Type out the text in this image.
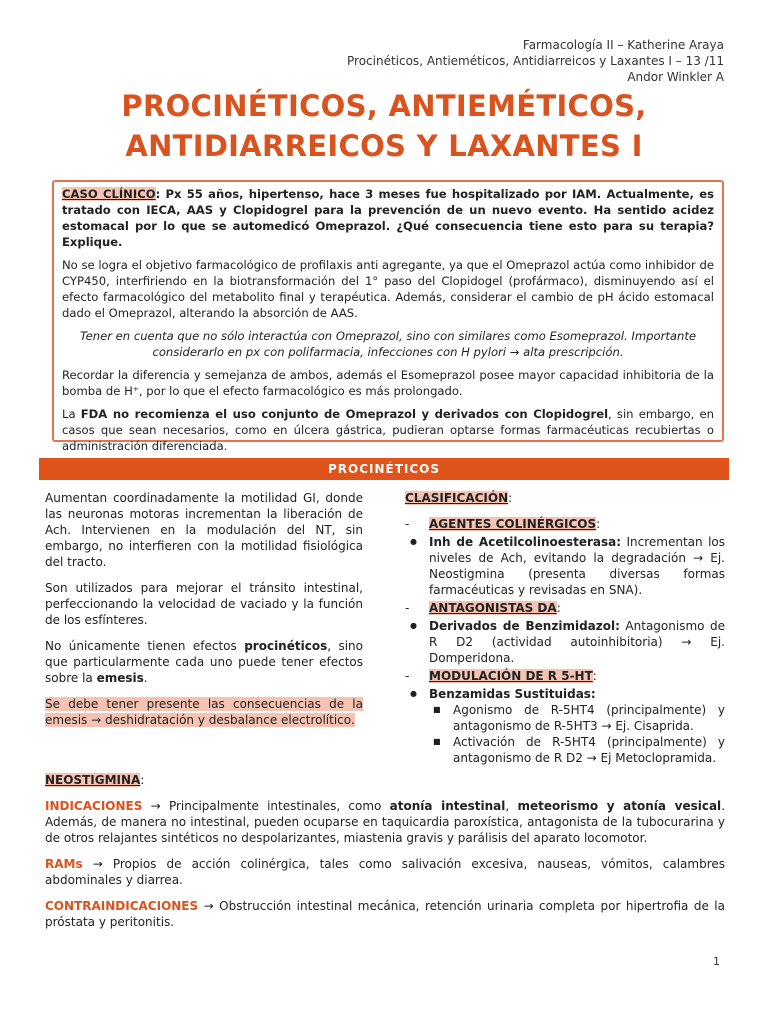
Farmacología II – Katherine Araya
Procinéticos, Antieméticos, Antidiarreicos y Laxantes I – 13 /11
Andor Winkler A
PROCINÉTICOS, ANTIEMÉTICOS,
ANTIDIARREICOS Y LAXANTES I

CASO CLÍNICO: Px 55 años, hipertenso, hace 3 meses fue hospitalizado por IAM. Actualmente, es tratado con IECA, AAS y Clopidogrel para la prevención de un nuevo evento. Ha sentido acidez estomacal por lo que se automedicó Omeprazol. ¿Qué consecuencia tiene esto para su terapia? Explique.

No se logra el objetivo farmacológico de profilaxis anti agregante, ya que el Omeprazol actúa como inhibidor de CYP450, interfiriendo en la biotransformación del 1° paso del Clopidogel (profármaco), disminuyendo así el efecto farmacológico del metabolito final y terapéutica. Además, considerar el cambio de pH ácido estomacal dado el Omeprazol, alterando la absorción de AAS.

Tener en cuenta que no sólo interactúa con Omeprazol, sino con similares como Esomeprazol. Importante considerarlo en px con polifarmacia, infecciones con H pylori → alta prescripción.

Recordar la diferencia y semejanza de ambos, además el Esomeprazol posee mayor capacidad inhibitoria de la bomba de H⁺, por lo que el efecto farmacológico es más prolongado.

La FDA no recomienza el uso conjunto de Omeprazol y derivados con Clopidogrel, sin embargo, en casos que sean necesarios, como en úlcera gástrica, pudieran optarse formas farmacéuticas recubiertas o administración diferenciada.

PROCINÉTICOS

Aumentan coordinadamente la motilidad GI, donde las neuronas motoras incrementan la liberación de Ach. Intervienen en la modulación del NT, sin embargo, no interfieren con la motilidad fisiológica del tracto.

Son utilizados para mejorar el tránsito intestinal, perfeccionando la velocidad de vaciado y la función de los esfínteres.

No únicamente tienen efectos procinéticos, sino que particularmente cada uno puede tener efectos sobre la emesis.

Se debe tener presente las consecuencias de la emesis → deshidratación y desbalance electrolítico.

CLASIFICACIÓN:
- AGENTES COLINÉRGICOS:
● Inh de Acetilcolinoesterasa: Incrementan los niveles de Ach, evitando la degradación → Ej. Neostigmina (presenta diversas formas farmacéuticas y revisadas en SNA).
- ANTAGONISTAS DA:
● Derivados de Benzimidazol: Antagonismo de R D2 (actividad autoinhibitoria) → Ej. Domperidona.
- MODULACIÓN DE R 5-HT:
● Benzamidas Sustituidas:
■ Agonismo de R-5HT4 (principalmente) y antagonismo de R-5HT3 → Ej. Cisaprida.
■ Activación de R-5HT4 (principalmente) y antagonismo de R D2 → Ej Metoclopramida.

NEOSTIGMINA:

INDICACIONES → Principalmente intestinales, como atonía intestinal, meteorismo y atonía vesical. Además, de manera no intestinal, pueden ocuparse en taquicardia paroxística, antagonista de la tubocurarina y de otros relajantes sintéticos no despolarizantes, miastenia gravis y parálisis del aparato locomotor.

RAMs → Propios de acción colinérgica, tales como salivación excesiva, nauseas, vómitos, calambres abdominales y diarrea.

CONTRAINDICACIONES → Obstrucción intestinal mecánica, retención urinaria completa por hipertrofia de la próstata y peritonitis.

1
